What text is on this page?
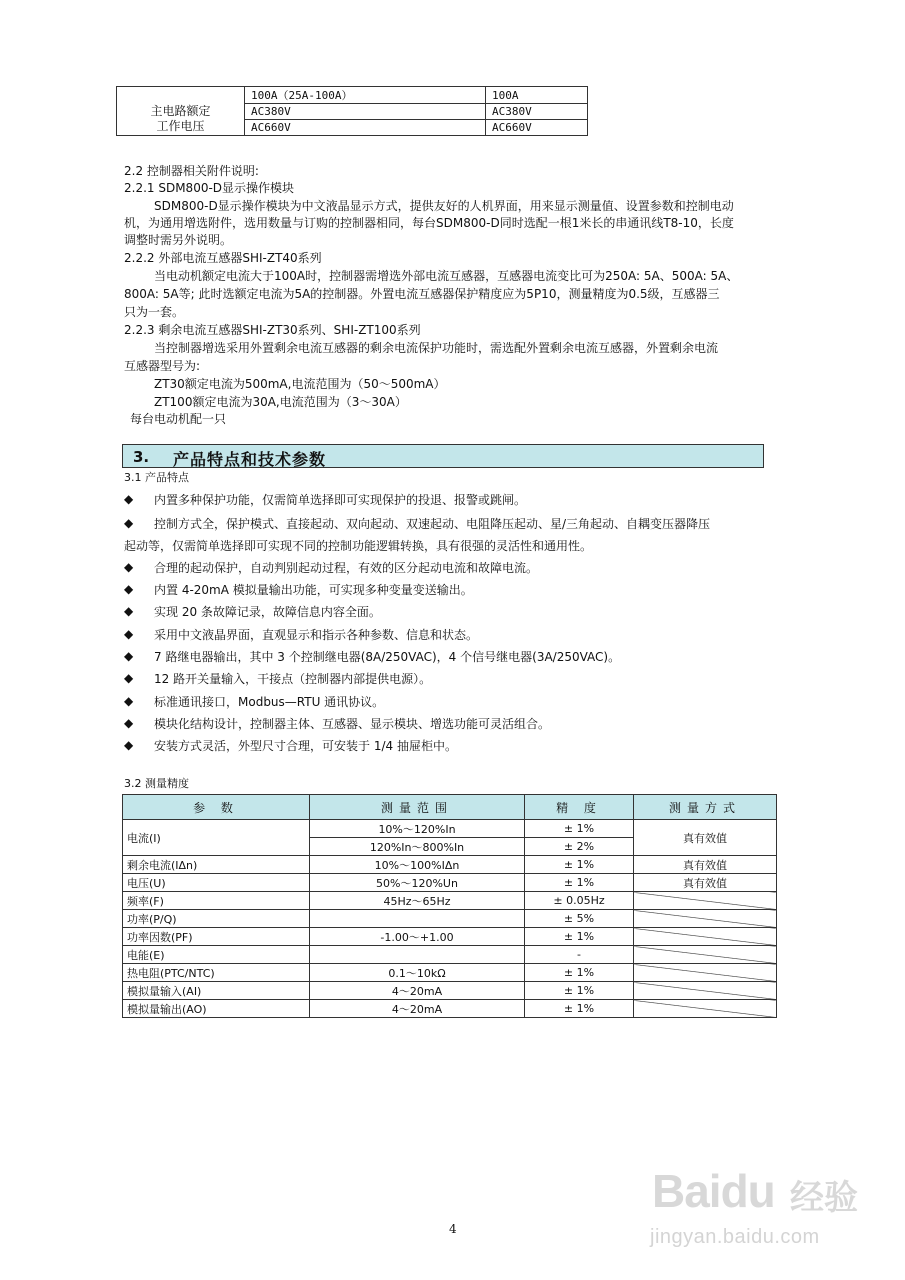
	100A（25A-100A）	100A
主电路额定
工作电压	AC380V	AC380V
	AC660V	AC660V
2.2 控制器相关附件说明:
2.2.1 SDM800-D显示操作模块
SDM800-D显示操作模块为中文液晶显示方式，提供友好的人机界面，用来显示测量值、设置参数和控制电动
机，为通用增选附件，选用数量与订购的控制器相同，每台SDM800-D同时选配一根1米长的串通讯线T8-10，长度
调整时需另外说明。
2.2.2 外部电流互感器SHI-ZT40系列
当电动机额定电流大于100A时，控制器需增选外部电流互感器，互感器电流变比可为250A: 5A、500A: 5A、
800A: 5A等; 此时选额定电流为5A的控制器。外置电流互感器保护精度应为5P10，测量精度为0.5级，互感器三
只为一套。
2.2.3 剩余电流互感器SHI-ZT30系列、SHI-ZT100系列
当控制器增选采用外置剩余电流互感器的剩余电流保护功能时，需选配外置剩余电流互感器，外置剩余电流
互感器型号为:
ZT30额定电流为500mA,电流范围为（50～500mA）
ZT100额定电流为30A,电流范围为（3～30A）
每台电动机配一只
3. 产品特点和技术参数
3.1 产品特点
◆ 内置多种保护功能，仅需简单选择即可实现保护的投退、报警或跳闸。
◆ 控制方式全，保护模式、直接起动、双向起动、双速起动、电阻降压起动、星/三角起动、自耦变压器降压
起动等，仅需简单选择即可实现不同的控制功能逻辑转换，具有很强的灵活性和通用性。
◆ 合理的起动保护，自动判别起动过程，有效的区分起动电流和故障电流。
◆ 内置 4-20mA 模拟量输出功能，可实现多种变量变送输出。
◆ 实现 20 条故障记录，故障信息内容全面。
◆ 采用中文液晶界面，直观显示和指示各种参数、信息和状态。
◆ 7 路继电器输出，其中 3 个控制继电器(8A/250VAC)，4 个信号继电器(3A/250VAC)。
◆ 12 路开关量输入，干接点（控制器内部提供电源）。
◆ 标准通讯接口，Modbus—RTU 通讯协议。
◆ 模块化结构设计，控制器主体、互感器、显示模块、增选功能可灵活组合。
◆ 安装方式灵活，外型尺寸合理，可安装于 1/4 抽屉柜中。
3.2 测量精度
参 数	测量范围	精 度	测量方式
电流(I)	10%～120%In	± 1%	真有效值
	120%In～800%In	± 2%	
剩余电流(IΔn)	10%～100%IΔn	± 1%	真有效值
电压(U)	50%～120%Un	± 1%	真有效值
频率(F)	45Hz～65Hz	± 0.05Hz	
功率(P/Q)		± 5%	
功率因数(PF)	-1.00～+1.00	± 1%	
电能(E)		-	
热电阻(PTC/NTC)	0.1～10kΩ	± 1%	
模拟量输入(AI)	4～20mA	± 1%	
模拟量输出(AO)	4～20mA	± 1%	
4
Baidu 经验
jingyan.baidu.com
